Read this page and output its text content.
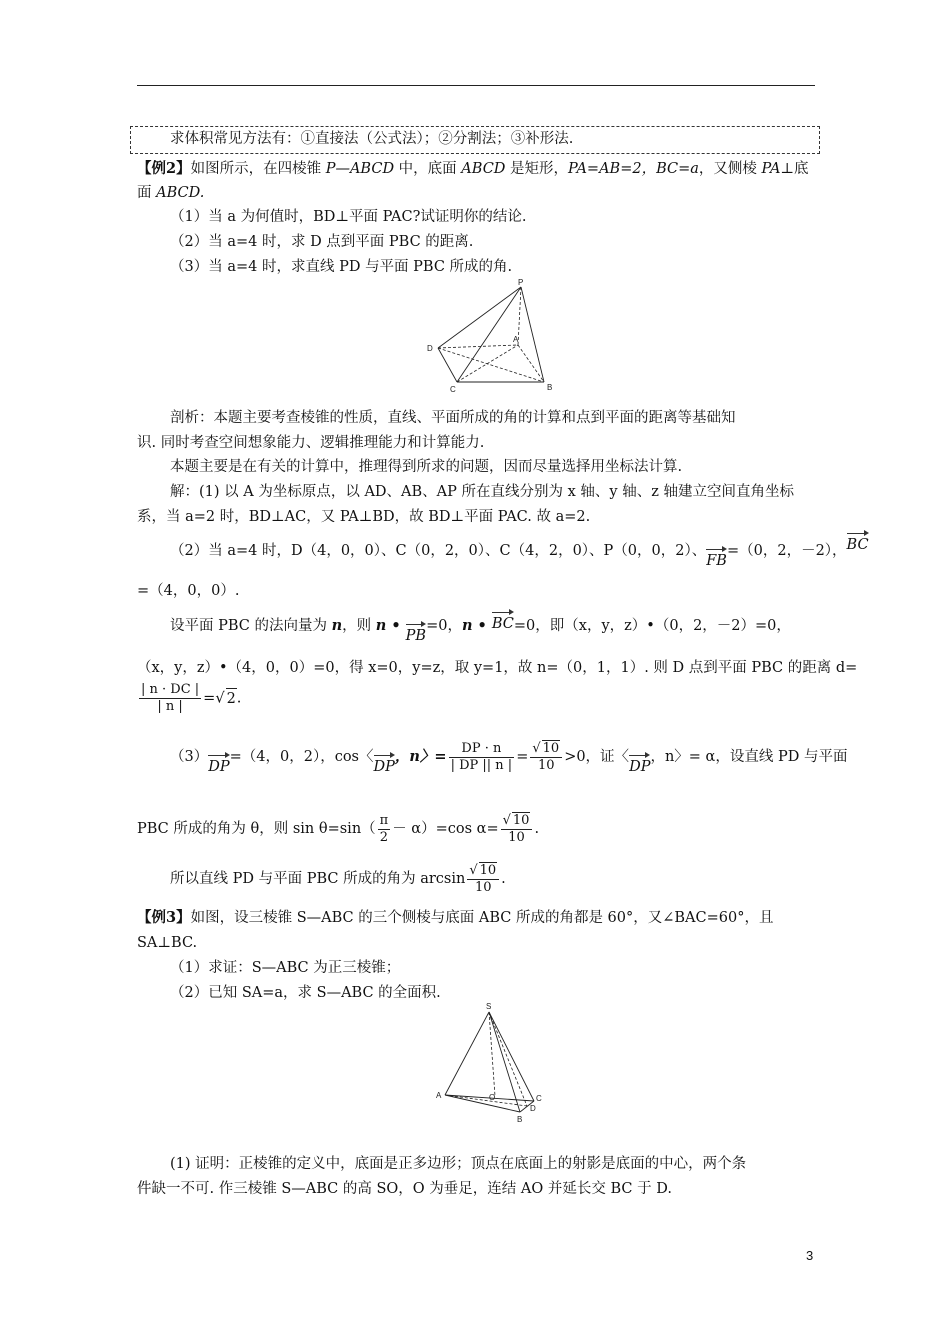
求体积常见方法有：①直接法（公式法）；②分割法；③补形法.
【例2】如图所示，在四棱锥 P—ABCD 中，底面 ABCD 是矩形，PA=AB=2，BC=a，又侧棱 PA⊥底
面 ABCD.
（1）当 a 为何值时，BD⊥平面 PAC?试证明你的结论.
（2）当 a=4 时，求 D 点到平面 PBC 的距离.
（3）当 a=4 时，求直线 PD 与平面 PBC 所成的角.
P
A
D
C	B
剖析：本题主要考查棱锥的性质，直线、平面所成的角的计算和点到平面的距离等基础知
识. 同时考查空间想象能力、逻辑推理能力和计算能力.
本题主要是在有关的计算中，推理得到所求的问题，因而尽量选择用坐标法计算.
解：(1) 以 A 为坐标原点，以 AD、AB、AP 所在直线分别为 x 轴、y 轴、z 轴建立空间直角坐标
系，当 a=2 时，BD⊥AC，又 PA⊥BD，故 BD⊥平面 PAC. 故 a=2.
（2）当 a=4 时，D（4，0，0）、C（0，2，0）、C（4，2，0）、P（0，0，2）、FB=（0，2，－2），BC
=（4，0，0）.
设平面 PBC 的法向量为 n，则 n • PB=0，n • BC=0，即（x，y，z）•（0，2，－2）=0，
（x，y，z）•（4，0，0）=0，得 x=0，y=z，取 y=1，故 n=（0，1，1）. 则 D 点到平面 PBC 的距离 d=
$\frac{| n \cdot DC |}{| n |}$ =√ 2.
（3）DP=（4，0，2），cos〈DP，n〉= $\frac{DP \cdot n}{| DP || n |} = \frac{√ 10}{10} >0$，证〈DP，n〉= α，设直线 PD 与平面
PBC 所成的角为 θ，则 $\sin \theta=\sin( \frac{\pi}{2} - \alpha)=\cos$ $\alpha= \frac{√ 10}{10}$ .
所以直线 PD 与平面 PBC 所成的角为 $\arcsin \frac{√ 10}{10}$ .
【例3】如图，设三棱锥 S—ABC 的三个侧棱与底面 ABC 所成的角都是 60°，又∠BAC=60°，且
SA⊥BC.
（1）求证：S—ABC 为正三棱锥；
（2）已知 SA=a，求 S—ABC 的全面积.
S
A	O	C
D
B
(1) 证明：正棱锥的定义中，底面是正多边形；顶点在底面上的射影是底面的中心，两个条
件缺一不可. 作三棱锥 S—ABC 的高 SO，O 为垂足，连结 AO 并延长交 BC 于 D.
3
